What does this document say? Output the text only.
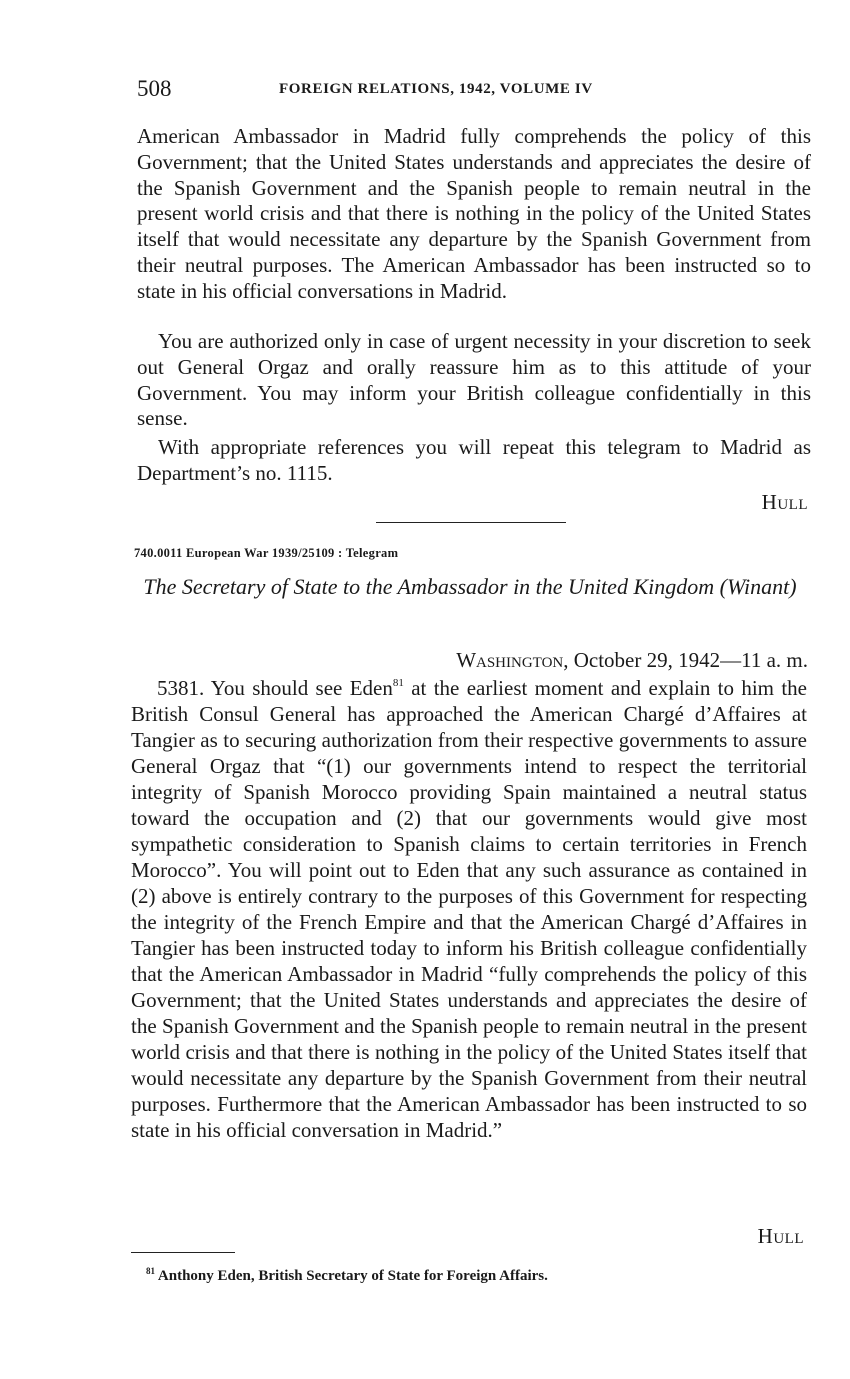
508	FOREIGN RELATIONS, 1942, VOLUME IV

American Ambassador in Madrid fully comprehends the policy of this Government; that the United States understands and appreciates the desire of the Spanish Government and the Spanish people to remain neutral in the present world crisis and that there is nothing in the policy of the United States itself that would necessitate any departure by the Spanish Government from their neutral purposes. The American Ambassador has been instructed so to state in his official conversations in Madrid.

You are authorized only in case of urgent necessity in your discretion to seek out General Orgaz and orally reassure him as to this attitude of your Government. You may inform your British colleague confidentially in this sense.

With appropriate references you will repeat this telegram to Madrid as Department’s no. 1115.

Hull
740.0011 European War 1939/25109 : Telegram
The Secretary of State to the Ambassador in the United Kingdom (Winant)
Washington, October 29, 1942—11 a. m.

5381. You should see Eden$^{81}$ at the earliest moment and explain to him the British Consul General has approached the American Chargé d’Affaires at Tangier as to securing authorization from their respective governments to assure General Orgaz that “(1) our governments intend to respect the territorial integrity of Spanish Morocco providing Spain maintained a neutral status toward the occupation and (2) that our governments would give most sympathetic consideration to Spanish claims to certain territories in French Morocco”. You will point out to Eden that any such assurance as contained in (2) above is entirely contrary to the purposes of this Government for respecting the integrity of the French Empire and that the American Chargé d’Affaires in Tangier has been instructed today to inform his British colleague confidentially that the American Ambassador in Madrid “fully comprehends the policy of this Government; that the United States understands and appreciates the desire of the Spanish Government and the Spanish people to remain neutral in the present world crisis and that there is nothing in the policy of the United States itself that would necessitate any departure by the Spanish Government from their neutral purposes. Furthermore that the American Ambassador has been instructed to so state in his official conversation in Madrid.”

Hull
$^{81}$ Anthony Eden, British Secretary of State for Foreign Affairs.
